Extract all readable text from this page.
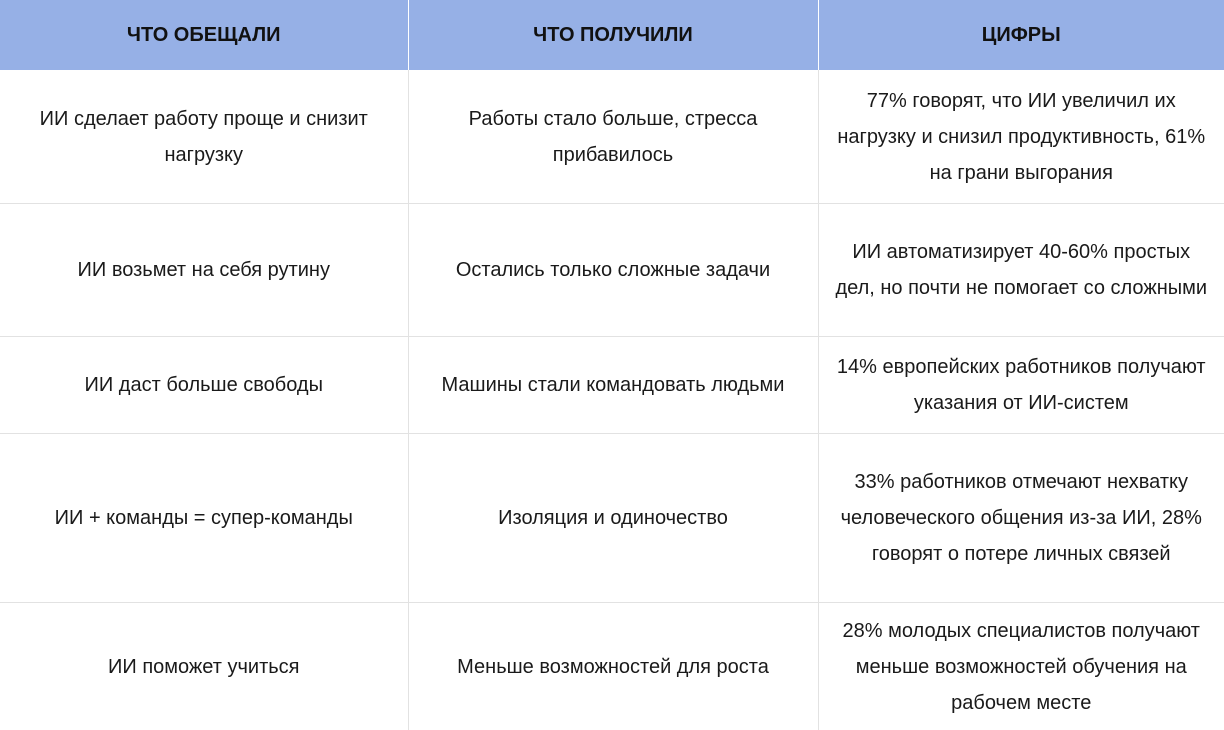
ЧТО ОБЕЩАЛИ	ЧТО ПОЛУЧИЛИ	ЦИФРЫ
ИИ сделает работу проще и снизит нагрузку	Работы стало больше, стресса прибавилось	77% говорят, что ИИ увеличил их нагрузку и снизил продуктивность, 61% на грани выгорания
ИИ возьмет на себя рутину	Остались только сложные задачи	ИИ автоматизирует 40-60% простых дел, но почти не помогает со сложными
ИИ даст больше свободы	Машины стали командовать людьми	14% европейских работников получают указания от ИИ-систем
ИИ + команды = супер-команды	Изоляция и одиночество	33% работников отмечают нехватку человеческого общения из-за ИИ, 28% говорят о потере личных связей
ИИ поможет учиться	Меньше возможностей для роста	28% молодых специалистов получают меньше возможностей обучения на рабочем месте
